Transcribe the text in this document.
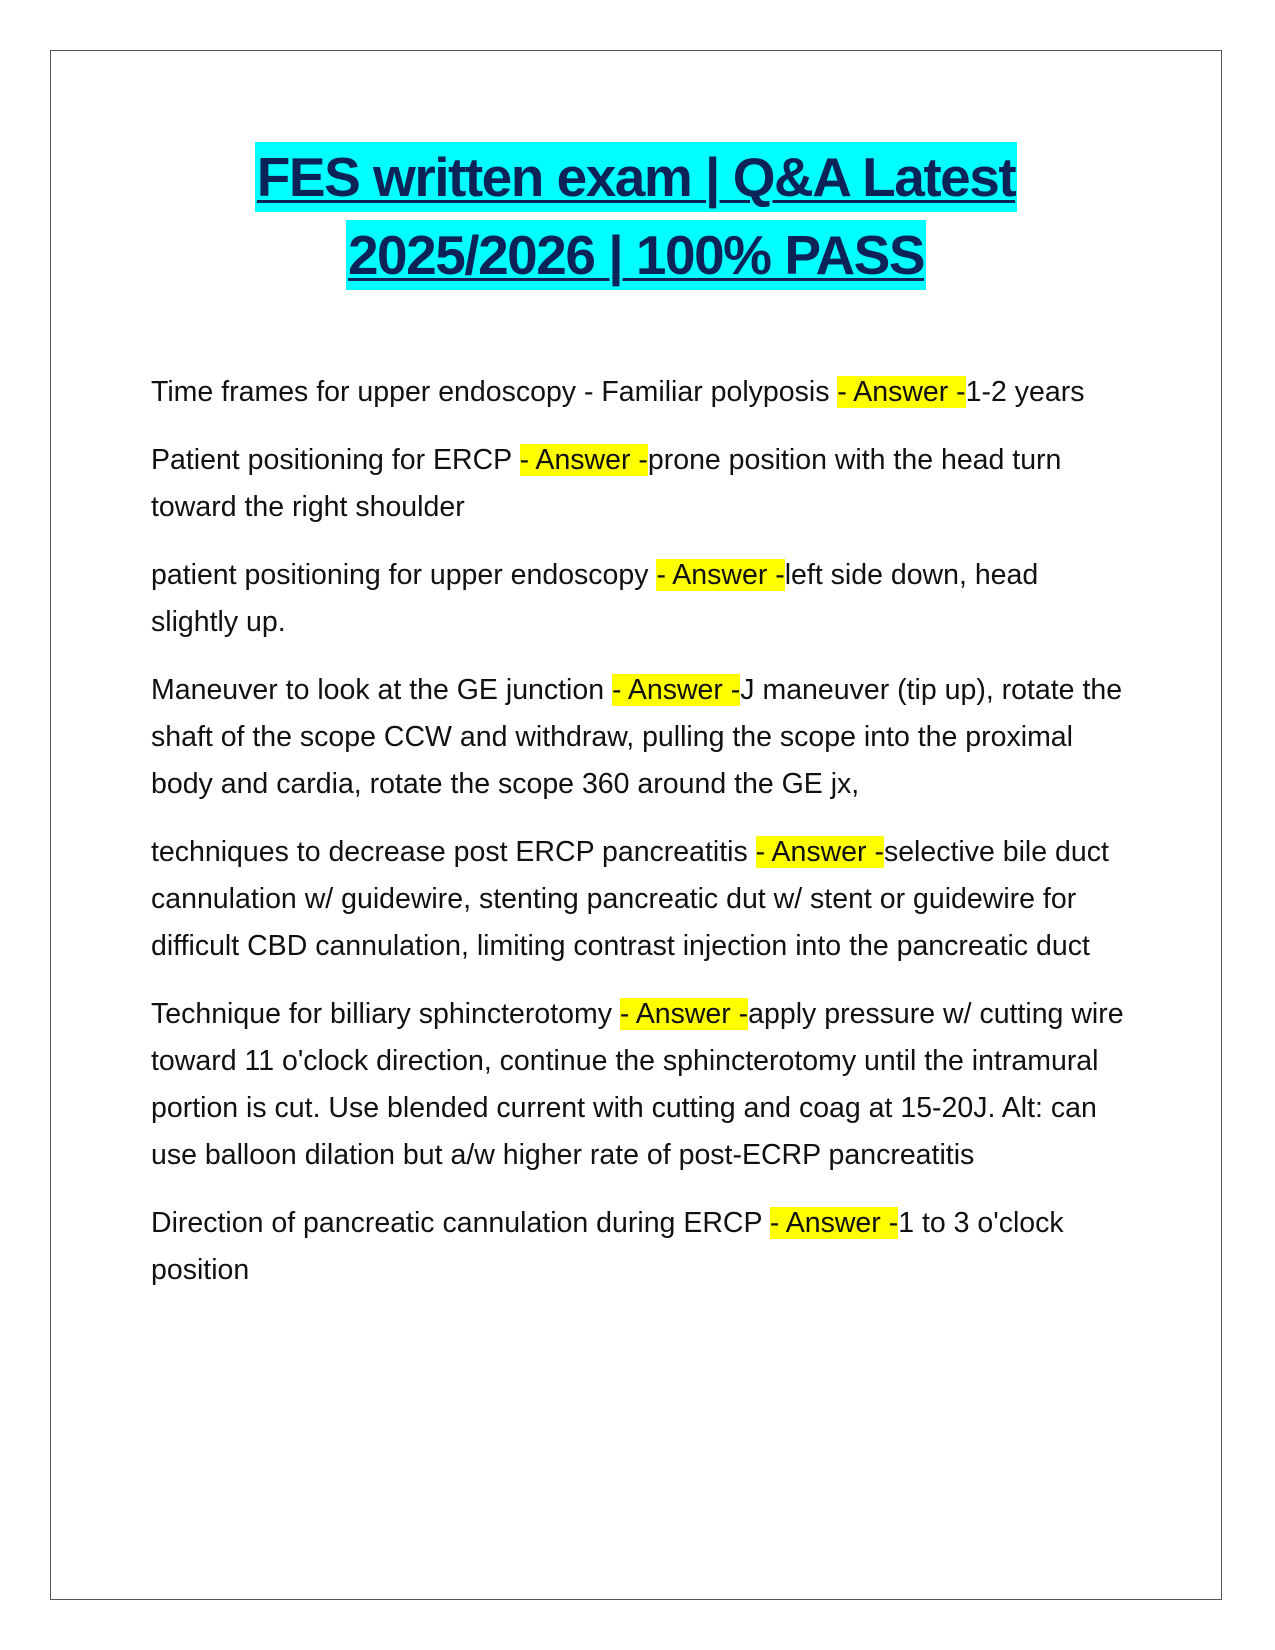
FES written exam | Q&A Latest
2025/2026 | 100% PASS

Time frames for upper endoscopy - Familiar polyposis - Answer -1-2 years

Patient positioning for ERCP - Answer -prone position with the head turn toward the right shoulder

patient positioning for upper endoscopy - Answer -left side down, head slightly up.

Maneuver to look at the GE junction - Answer -J maneuver (tip up), rotate the shaft of the scope CCW and withdraw, pulling the scope into the proximal body and cardia, rotate the scope 360 around the GE jx,

techniques to decrease post ERCP pancreatitis - Answer -selective bile duct cannulation w/ guidewire, stenting pancreatic dut w/ stent or guidewire for difficult CBD cannulation, limiting contrast injection into the pancreatic duct

Technique for billiary sphincterotomy - Answer -apply pressure w/ cutting wire toward 11 o'clock direction, continue the sphincterotomy until the intramural portion is cut. Use blended current with cutting and coag at 15-20J. Alt: can use balloon dilation but a/w higher rate of post-ECRP pancreatitis

Direction of pancreatic cannulation during ERCP - Answer -1 to 3 o'clock position
